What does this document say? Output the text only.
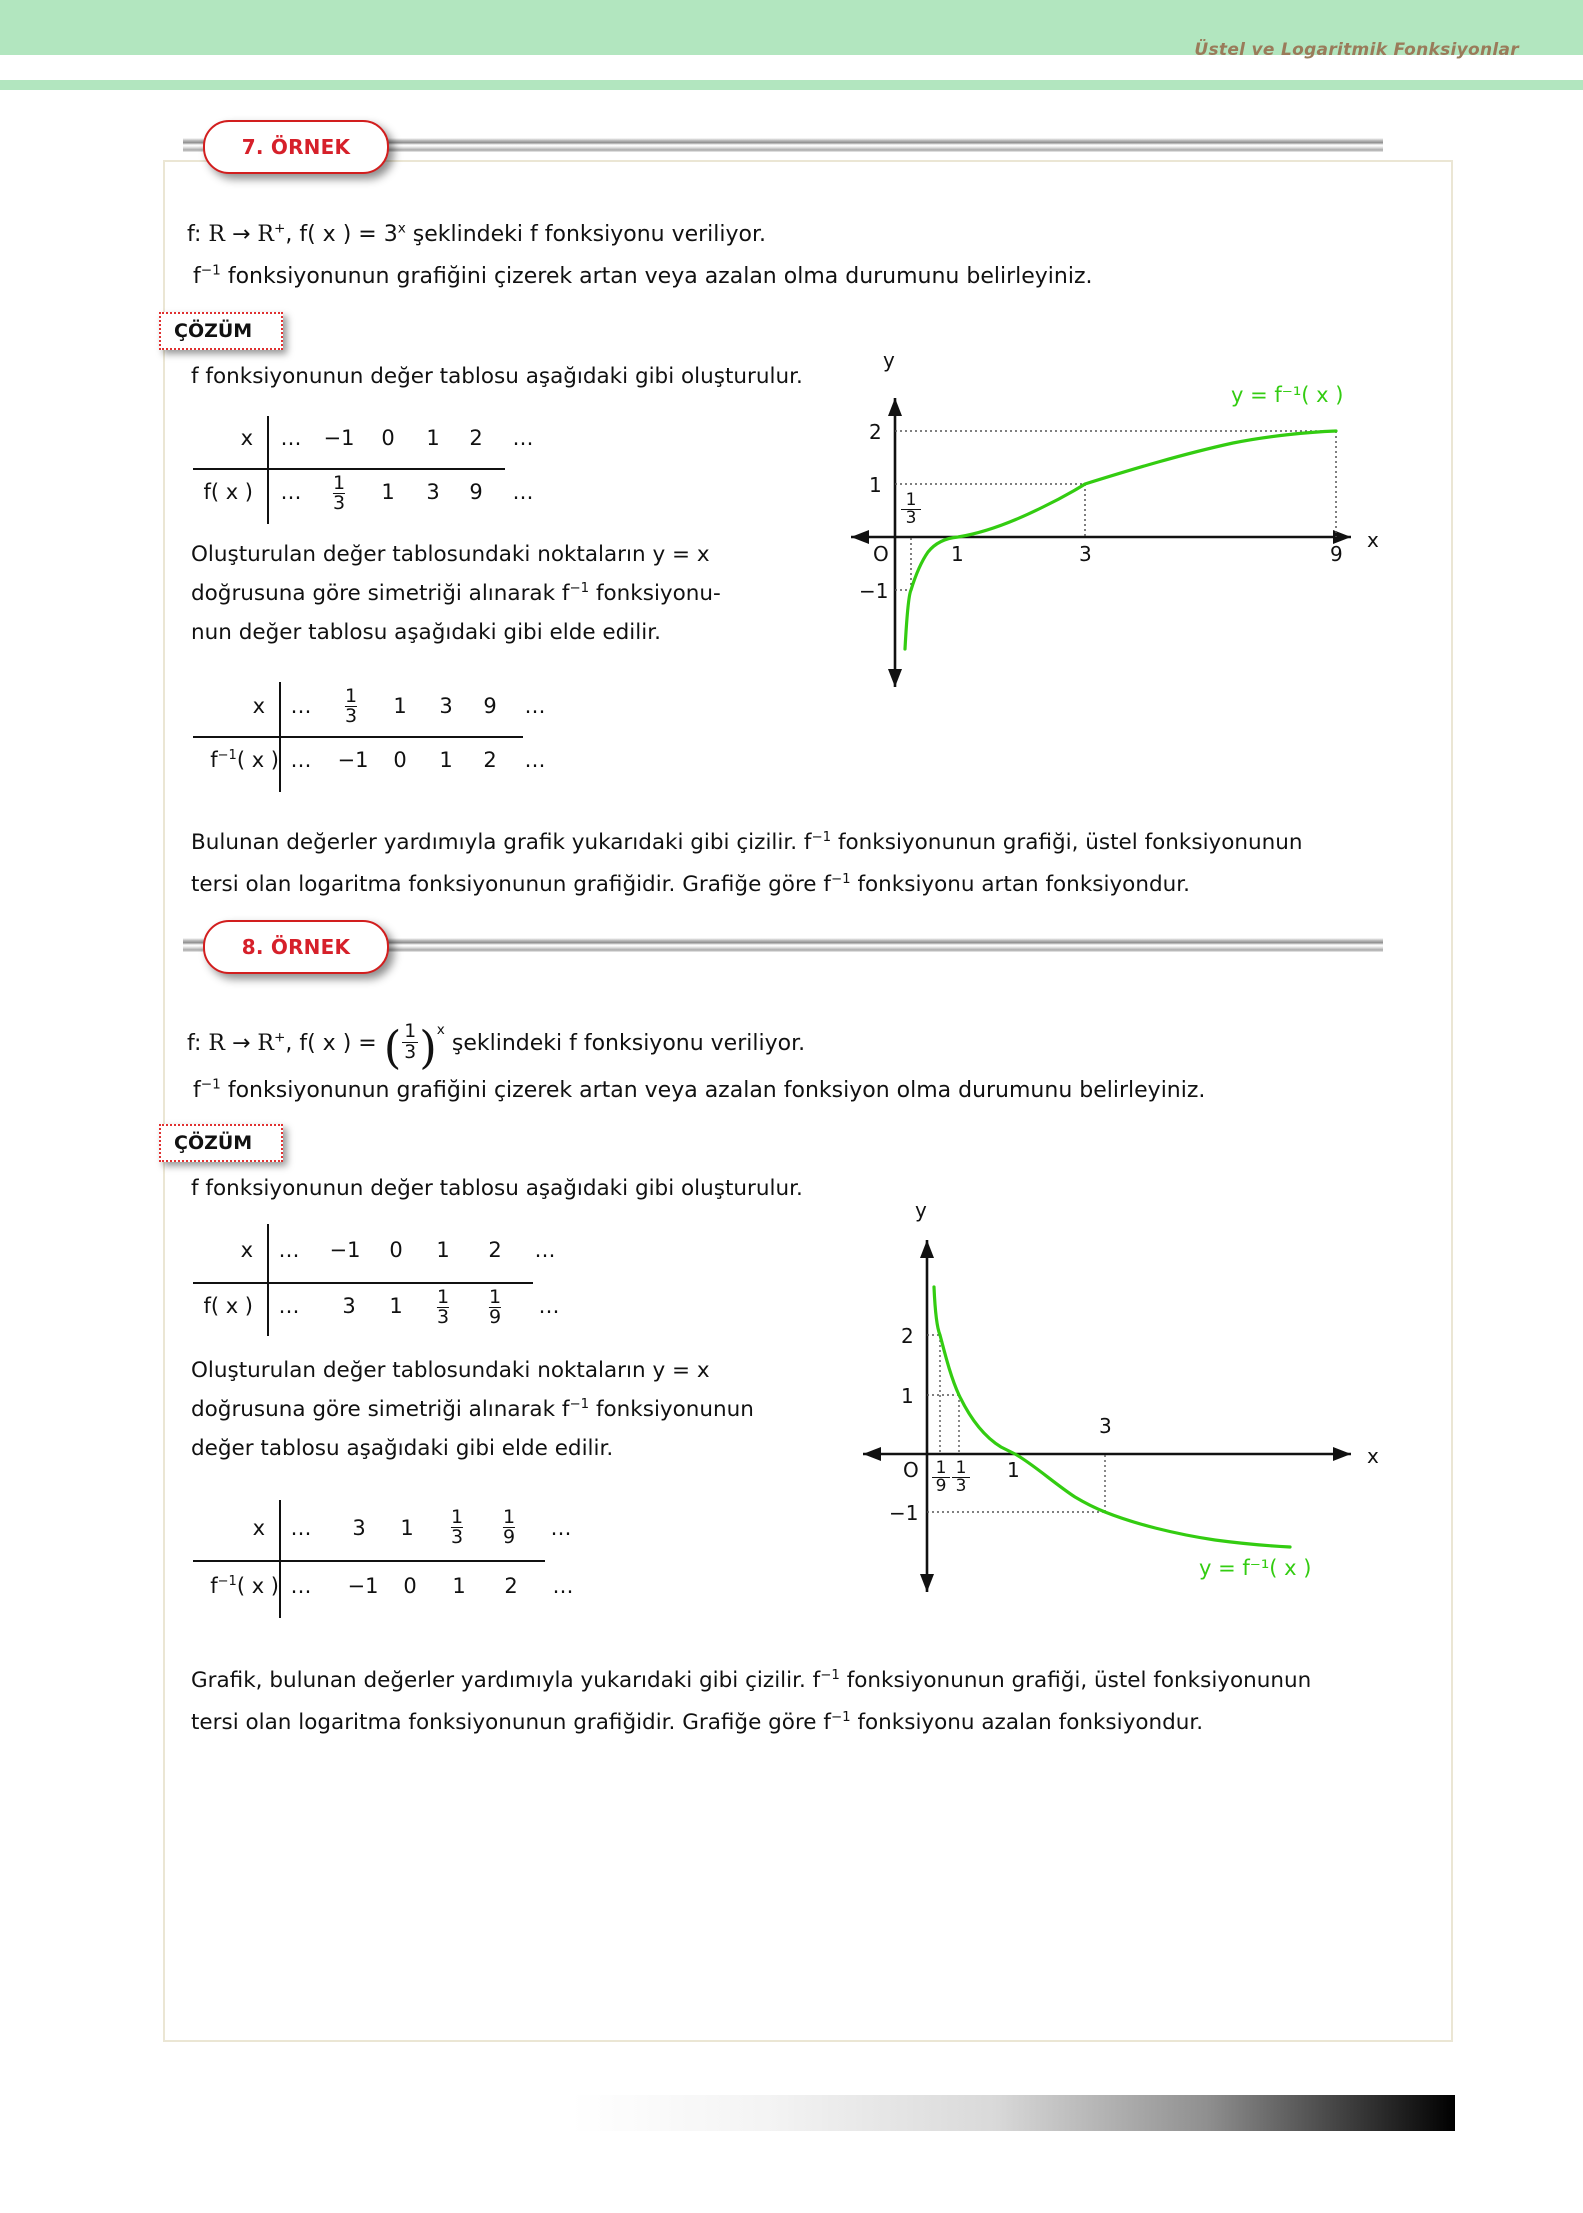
Üstel ve Logaritmik Fonksiyonlar
7. ÖRNEK
f: R → R+, f( x ) = $3^x$ şeklindeki f fonksiyonu veriliyor.
$f^{-1}$ fonksiyonunun grafiğini çizerek artan veya azalan olma durumunu belirleyiniz.
ÇÖZÜM
f fonksiyonunun değer tablosu aşağıdaki gibi oluşturulur.
x
f( x )
… −1 0 1 2 …
… $\frac{1}{3} 1$ 3 9 …
y
x
O
2
1
−1
$\frac{1}{3}$
1	3	9
y = f⁻¹( x )
Oluşturulan değer tablosundaki noktaların y = x
doğrusuna göre simetriği alınarak $f^{-1}$ fonksiyonu-
nun değer tablosu aşağıdaki gibi elde edilir.
x
$f^{-1}$( x )
… $\frac{1}{3} 1$ 3 9 …
… −1 0 1 2 …
Bulunan değerler yardımıyla grafik yukarıdaki gibi çizilir. $f^{-1}$ fonksiyonunun grafiği, üstel fonksiyonunun
tersi olan logaritma fonksiyonunun grafiğidir. Grafiğe göre $f^{-1}$ fonksiyonu artan fonksiyondur.
8. ÖRNEK
f: R → R+, f( x ) = ( $\frac{1}{3} )^x$ şeklindeki f fonksiyonu veriliyor.
$f^{-1}$ fonksiyonunun grafiğini çizerek artan veya azalan fonksiyon olma durumunu belirleyiniz.
ÇÖZÜM
f fonksiyonunun değer tablosu aşağıdaki gibi oluşturulur.
x
f( x )
… −1 0 1 2 …
… 3 $1 \frac{1}{3} \frac{1}{9}$ …
y
x
O
2
1
−1
$\frac{1}{9} \frac{1}{3} 1$
3
y = f⁻¹( x )
Oluşturulan değer tablosundaki noktaların y = x
doğrusuna göre simetriği alınarak $f^{-1}$ fonksiyonunun
değer tablosu aşağıdaki gibi elde edilir.
x
$f^{-1}$( x )
… 3 $1 \frac{1}{3} \frac{1}{9}$ …
… −1 0 1 2 …
Grafik, bulunan değerler yardımıyla yukarıdaki gibi çizilir. $f^{-1}$ fonksiyonunun grafiği, üstel fonksiyonunun
tersi olan logaritma fonksiyonunun grafiğidir. Grafiğe göre $f^{-1}$ fonksiyonu azalan fonksiyondur.
25
